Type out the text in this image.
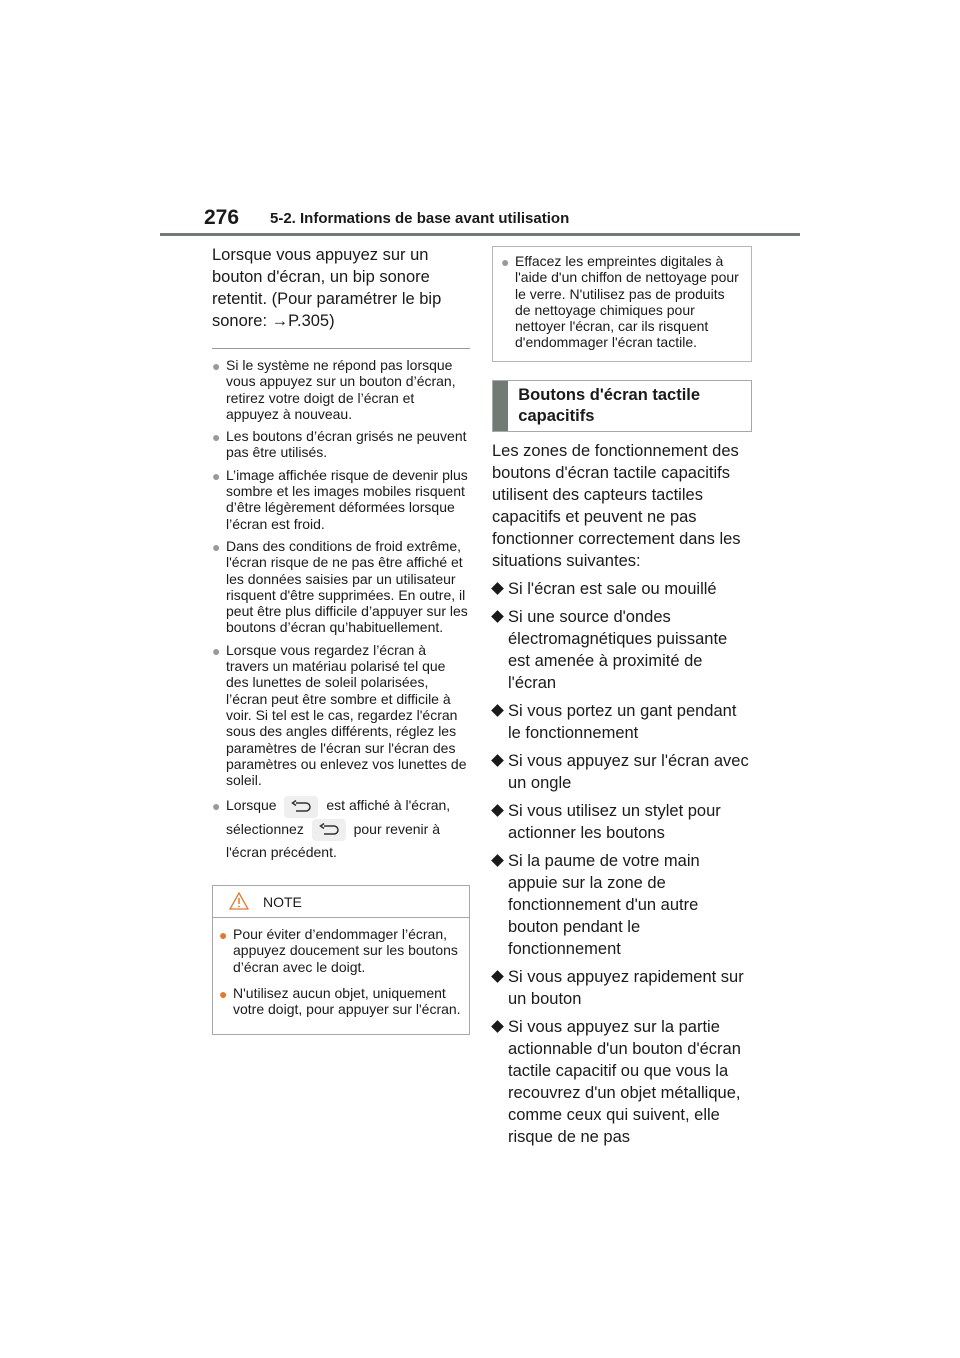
276 5-2. Informations de base avant utilisation

Lorsque vous appuyez sur un bouton d'écran, un bip sonore retentit. (Pour paramétrer le bip sonore: →P.305)

● Si le système ne répond pas lorsque vous appuyez sur un bouton d’écran, retirez votre doigt de l’écran et appuyez à nouveau.
● Les boutons d’écran grisés ne peuvent pas être utilisés.
● L’image affichée risque de devenir plus sombre et les images mobiles risquent d’être légèrement déformées lorsque l’écran est froid.
● Dans des conditions de froid extrême, l'écran risque de ne pas être affiché et les données saisies par un utilisateur risquent d'être supprimées. En outre, il peut être plus difficile d’appuyer sur les boutons d’écran qu’habituellement.
● Lorsque vous regardez l’écran à travers un matériau polarisé tel que des lunettes de soleil polarisées, l’écran peut être sombre et difficile à voir. Si tel est le cas, regardez l'écran sous des angles différents, réglez les paramètres de l'écran sur l'écran des paramètres ou enlevez vos lunettes de soleil.
● Lorsque	est affiché à l'écran, sélectionnez	pour revenir à l'écran précédent.
NOTE
● Pour éviter d’endommager l’écran, appuyez doucement sur les boutons d’écran avec le doigt.
● N'utilisez aucun objet, uniquement votre doigt, pour appuyer sur l'écran.
● Effacez les empreintes digitales à l'aide d'un chiffon de nettoyage pour le verre. N'utilisez pas de produits de nettoyage chimiques pour nettoyer l'écran, car ils risquent d'endommager l'écran tactile.
Boutons d'écran tactile capacitifs

Les zones de fonctionnement des boutons d'écran tactile capacitifs utilisent des capteurs tactiles capacitifs et peuvent ne pas fonctionner correctement dans les situations suivantes:

Si l'écran est sale ou mouillé
Si une source d'ondes électromagnétiques puissante est amenée à proximité de l'écran
Si vous portez un gant pendant le fonctionnement
Si vous appuyez sur l'écran avec un ongle
Si vous utilisez un stylet pour actionner les boutons
Si la paume de votre main appuie sur la zone de fonctionnement d'un autre bouton pendant le fonctionnement
Si vous appuyez rapidement sur un bouton
Si vous appuyez sur la partie actionnable d'un bouton d'écran tactile capacitif ou que vous la recouvrez d'un objet métallique, comme ceux qui suivent, elle risque de ne pas
